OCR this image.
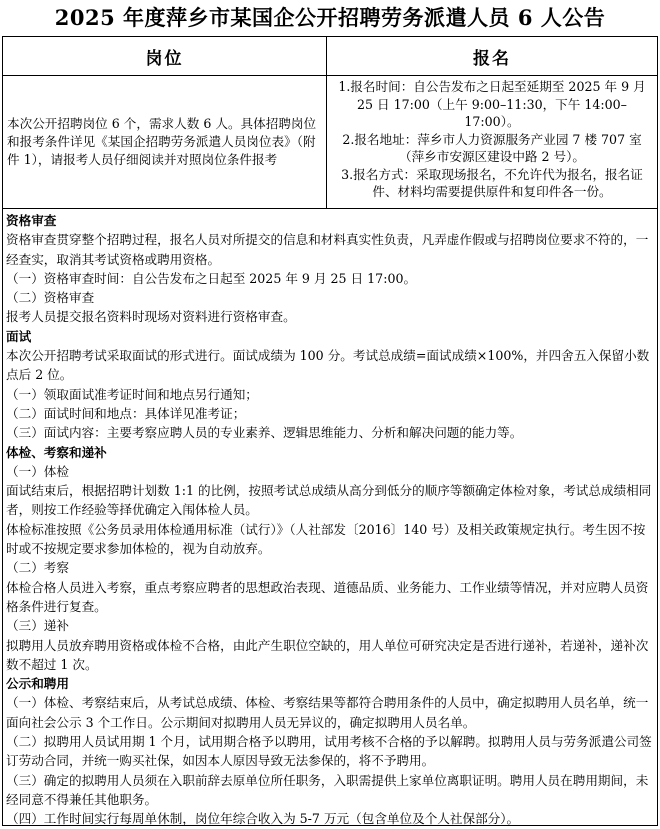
2025 年度萍乡市某国企公开招聘劳务派遣人员 6 人公告
岗位	报名
本次公开招聘岗位 6 个，需求人数 6 人。具体招聘岗位和报考条件详见《某国企招聘劳务派遣人员岗位表》（附件 1），请报考人员仔细阅读并对照岗位条件报考

1.报名时间：自公告发布之日起至延期至 2025 年 9 月 25 日 17:00（上午 9:00–11:30，下午 14:00–17:00）。

2.报名地址：萍乡市人力资源服务产业园 7 楼 707 室（萍乡市安源区建设中路 2 号）。

3.报名方式：采取现场报名，不允许代为报名，报名证件、材料均需要提供原件和复印件各一份。

资格审查

资格审查贯穿整个招聘过程，报名人员对所提交的信息和材料真实性负责，凡弄虚作假或与招聘岗位要求不符的，一经查实，取消其考试资格或聘用资格。

（一）资格审查时间：自公告发布之日起至 2025 年 9 月 25 日 17:00。

（二）资格审查

报考人员提交报名资料时现场对资料进行资格审查。

面试

本次公开招聘考试采取面试的形式进行。面试成绩为 100 分。考试总成绩=面试成绩×100%，并四舍五入保留小数点后 2 位。

（一）领取面试准考证时间和地点另行通知；

（二）面试时间和地点：具体详见准考证；

（三）面试内容：主要考察应聘人员的专业素养、逻辑思维能力、分析和解决问题的能力等。

体检、考察和递补

（一）体检

面试结束后，根据招聘计划数 1:1 的比例，按照考试总成绩从高分到低分的顺序等额确定体检对象，考试总成绩相同者，则按工作经验等择优确定入闱体检人员。

体检标准按照《公务员录用体检通用标准（试行）》（人社部发〔2016〕140 号）及相关政策规定执行。考生因不按时或不按规定要求参加体检的，视为自动放弃。

（二）考察

体检合格人员进入考察，重点考察应聘者的思想政治表现、道德品质、业务能力、工作业绩等情况，并对应聘人员资格条件进行复查。

（三）递补

拟聘用人员放弃聘用资格或体检不合格，由此产生职位空缺的，用人单位可研究决定是否进行递补，若递补，递补次数不超过 1 次。

公示和聘用

（一）体检、考察结束后，从考试总成绩、体检、考察结果等都符合聘用条件的人员中，确定拟聘用人员名单，统一面向社会公示 3 个工作日。公示期间对拟聘用人员无异议的，确定拟聘用人员名单。

（二）拟聘用人员试用期 1 个月，试用期合格予以聘用，试用考核不合格的予以解聘。拟聘用人员与劳务派遣公司签订劳动合同，并统一购买社保，如因本人原因导致无法参保的，将不予聘用。

（三）确定的拟聘用人员须在入职前辞去原单位所任职务，入职需提供上家单位离职证明。聘用人员在聘用期间，未经同意不得兼任其他职务。

（四）工作时间实行每周单休制，岗位年综合收入为 5-7 万元（包含单位及个人社保部分）。
